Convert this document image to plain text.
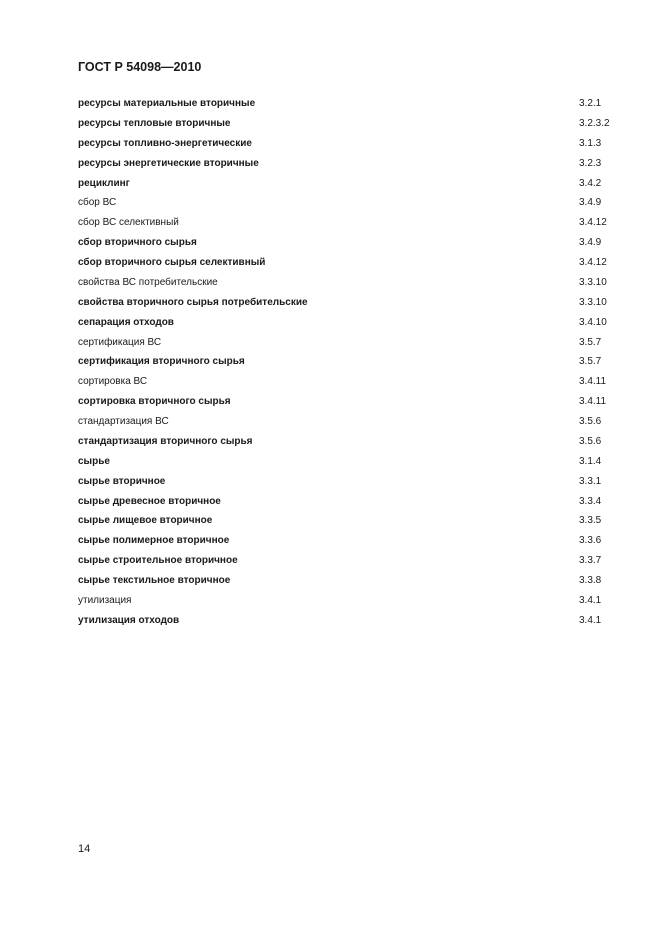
ГОСТ Р 54098—2010
ресурсы материальные вторичные	3.2.1
ресурсы тепловые вторичные	3.2.3.2
ресурсы топливно-энергетические	3.1.3
ресурсы энергетические вторичные	3.2.3
рециклинг	3.4.2
сбор ВС	3.4.9
сбор ВС селективный	3.4.12
сбор вторичного сырья	3.4.9
сбор вторичного сырья селективный	3.4.12
свойства ВС потребительские	3.3.10
свойства вторичного сырья потребительские	3.3.10
сепарация отходов	3.4.10
сертификация ВС	3.5.7
сертификация вторичного сырья	3.5.7
сортировка ВС	3.4.11
сортировка вторичного сырья	3.4.11
стандартизация ВС	3.5.6
стандартизация вторичного сырья	3.5.6
сырье	3.1.4
сырье вторичное	3.3.1
сырье древесное вторичное	3.3.4
сырье лищевое вторичное	3.3.5
сырье полимерное вторичное	3.3.6
сырье строительное вторичное	3.3.7
сырье текстильное вторичное	3.3.8
утилизация	3.4.1
утилизация отходов	3.4.1
14
